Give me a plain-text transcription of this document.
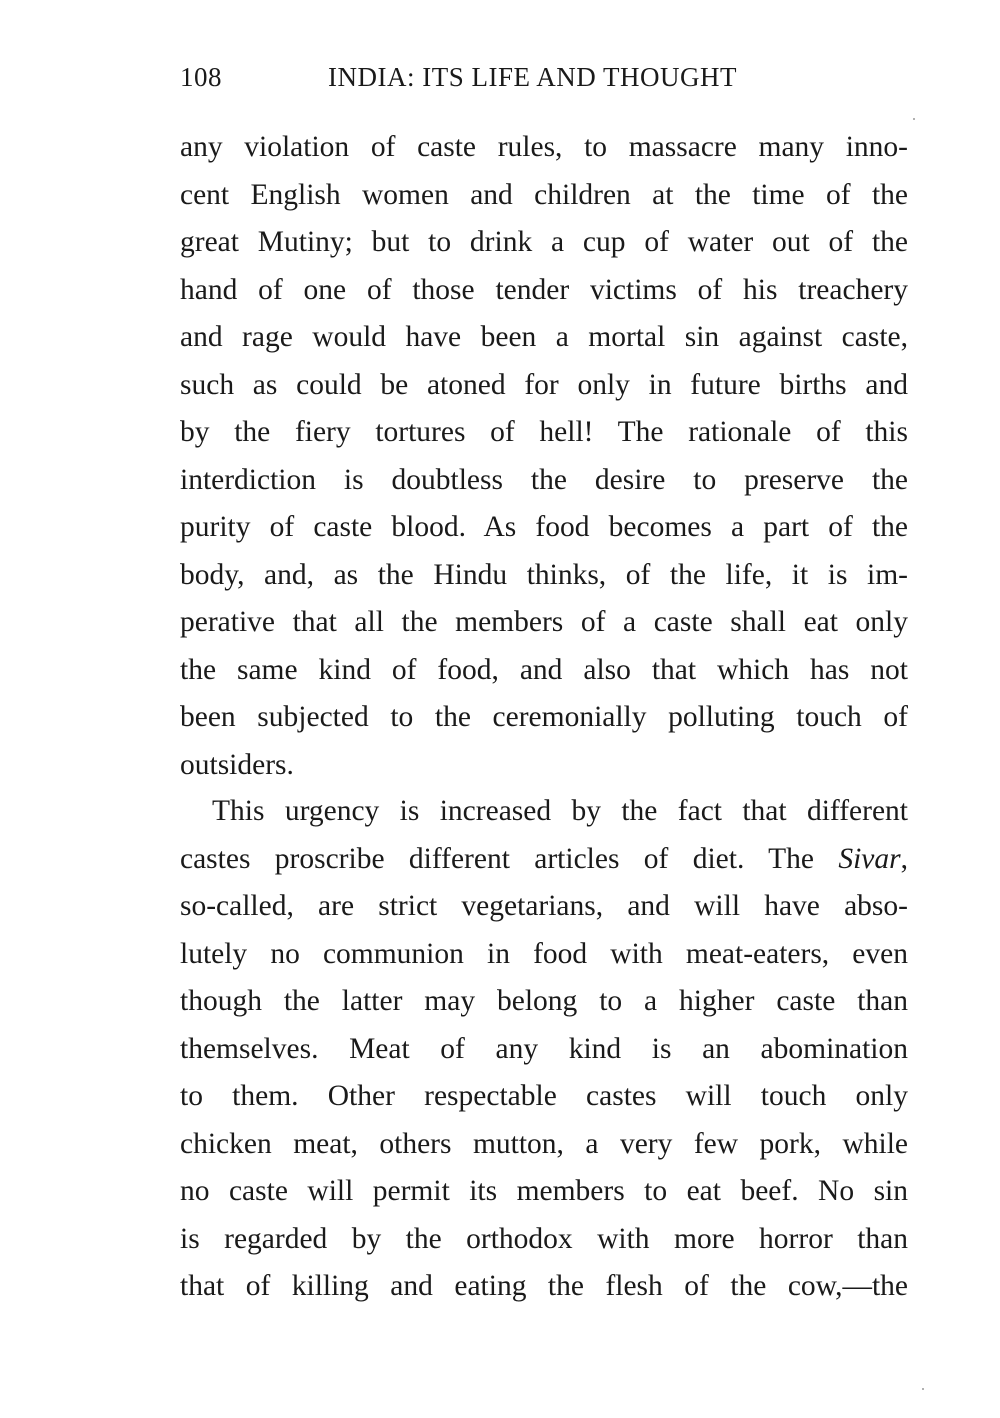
108	INDIA: ITS LIFE AND THOUGHT
any violation of caste rules, to massacre many inno-
cent English women and children at the time of the
great Mutiny; but to drink a cup of water out of the
hand of one of those tender victims of his treachery
and rage would have been a mortal sin against caste,
such as could be atoned for only in future births and
by the fiery tortures of hell! The rationale of this
interdiction is doubtless the desire to preserve the
purity of caste blood. As food becomes a part of the
body, and, as the Hindu thinks, of the life, it is im-
perative that all the members of a caste shall eat only
the same kind of food, and also that which has not
been subjected to the ceremonially polluting touch of
outsiders.
This urgency is increased by the fact that different
castes proscribe different articles of diet. The Sivar,
so-called, are strict vegetarians, and will have abso-
lutely no communion in food with meat-eaters, even
though the latter may belong to a higher caste than
themselves. Meat of any kind is an abomination
to them. Other respectable castes will touch only
chicken meat, others mutton, a very few pork, while
no caste will permit its members to eat beef. No sin
is regarded by the orthodox with more horror than
that of killing and eating the flesh of the cow,—the
